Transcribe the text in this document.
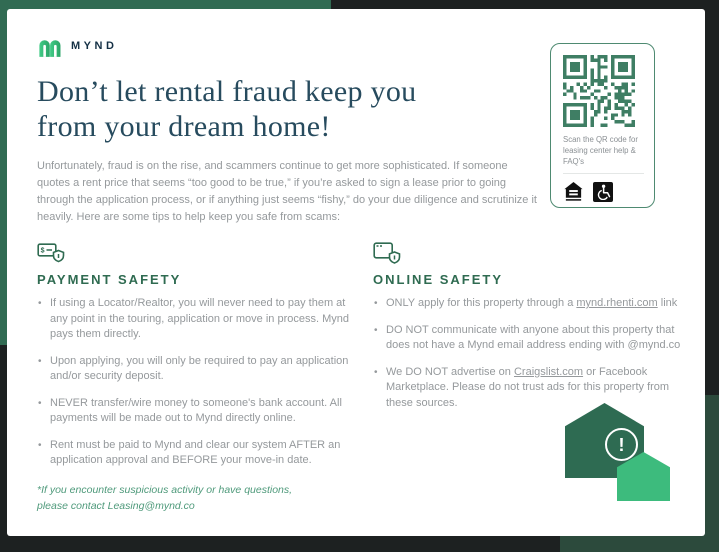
MYND
Don’t let rental fraud keep you
from your dream home!
Unfortunately, fraud is on the rise, and scammers continue to get more sophisticated. If someone quotes a rent price that seems “too good to be true,” if you’re asked to sign a lease prior to going through the application process, or if anything just seems “fishy,” do your due diligence and scrutinize it heavily. Here are some tips to help keep you safe from scams:
$
PAYMENT SAFETY
• If using a Locator/Realtor, you will never need to pay them at any point in the touring, application or move in process. Mynd pays them directly.
• Upon applying, you will only be required to pay an application and/or security deposit.
• NEVER transfer/wire money to someone's bank account. All payments will be made out to Mynd directly online.
• Rent must be paid to Mynd and clear our system AFTER an application approval and BEFORE your move-in date.
*If you encounter suspicious activity or have questions,
please contact Leasing@mynd.co
ONLINE SAFETY
• ONLY apply for this property through a mynd.rhenti.com link
• DO NOT communicate with anyone about this property that does not have a Mynd email address ending with @mynd.co
• We DO NOT advertise on Craigslist.com or Facebook Marketplace. Please do not trust ads for this property from these sources.
Scan the QR code for leasing center help & FAQ's
!
